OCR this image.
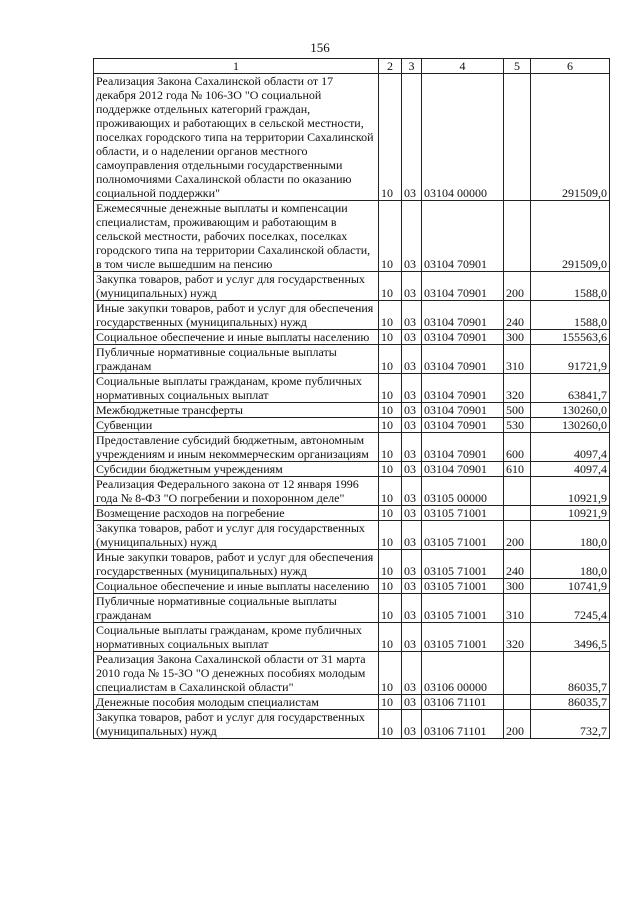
156
1	2	3	4	5	6
Реализация Закона Сахалинской области от 17 декабря 2012 года № 106-ЗО "О социальной поддержке отдельных категорий граждан, проживающих и работающих в сельской местности, поселках городского типа на территории Сахалинской области, и о наделении органов местного самоуправления отдельными государственными полномочиями Сахалинской области по оказанию социальной поддержки"	10	03	03104 00000		291509,0
Ежемесячные денежные выплаты и компенсации специалистам, проживающим и работающим в сельской местности, рабочих поселках, поселках городского типа на территории Сахалинской области, в том числе вышедшим на пенсию	10	03	03104 70901		291509,0
Закупка товаров, работ и услуг для государственных (муниципальных) нужд	10	03	03104 70901	200	1588,0
Иные закупки товаров, работ и услуг для обеспечения государственных (муниципальных) нужд	10	03	03104 70901	240	1588,0
Социальное обеспечение и иные выплаты населению	10	03	03104 70901	300	155563,6
Публичные нормативные социальные выплаты гражданам	10	03	03104 70901	310	91721,9
Социальные выплаты гражданам, кроме публичных нормативных социальных выплат	10	03	03104 70901	320	63841,7
Межбюджетные трансферты	10	03	03104 70901	500	130260,0
Субвенции	10	03	03104 70901	530	130260,0
Предоставление субсидий бюджетным, автономным учреждениям и иным некоммерческим организациям	10	03	03104 70901	600	4097,4
Субсидии бюджетным учреждениям	10	03	03104 70901	610	4097,4
Реализация Федерального закона от 12 января 1996 года № 8-ФЗ "О погребении и похоронном деле"	10	03	03105 00000		10921,9
Возмещение расходов на погребение	10	03	03105 71001		10921,9
Закупка товаров, работ и услуг для государственных (муниципальных) нужд	10	03	03105 71001	200	180,0
Иные закупки товаров, работ и услуг для обеспечения государственных (муниципальных) нужд	10	03	03105 71001	240	180,0
Социальное обеспечение и иные выплаты населению	10	03	03105 71001	300	10741,9
Публичные нормативные социальные выплаты гражданам	10	03	03105 71001	310	7245,4
Социальные выплаты гражданам, кроме публичных нормативных социальных выплат	10	03	03105 71001	320	3496,5
Реализация Закона Сахалинской области от 31 марта 2010 года № 15-ЗО "О денежных пособиях молодым специалистам в Сахалинской области"	10	03	03106 00000		86035,7
Денежные пособия молодым специалистам	10	03	03106 71101		86035,7
Закупка товаров, работ и услуг для государственных (муниципальных) нужд	10	03	03106 71101	200	732,7
